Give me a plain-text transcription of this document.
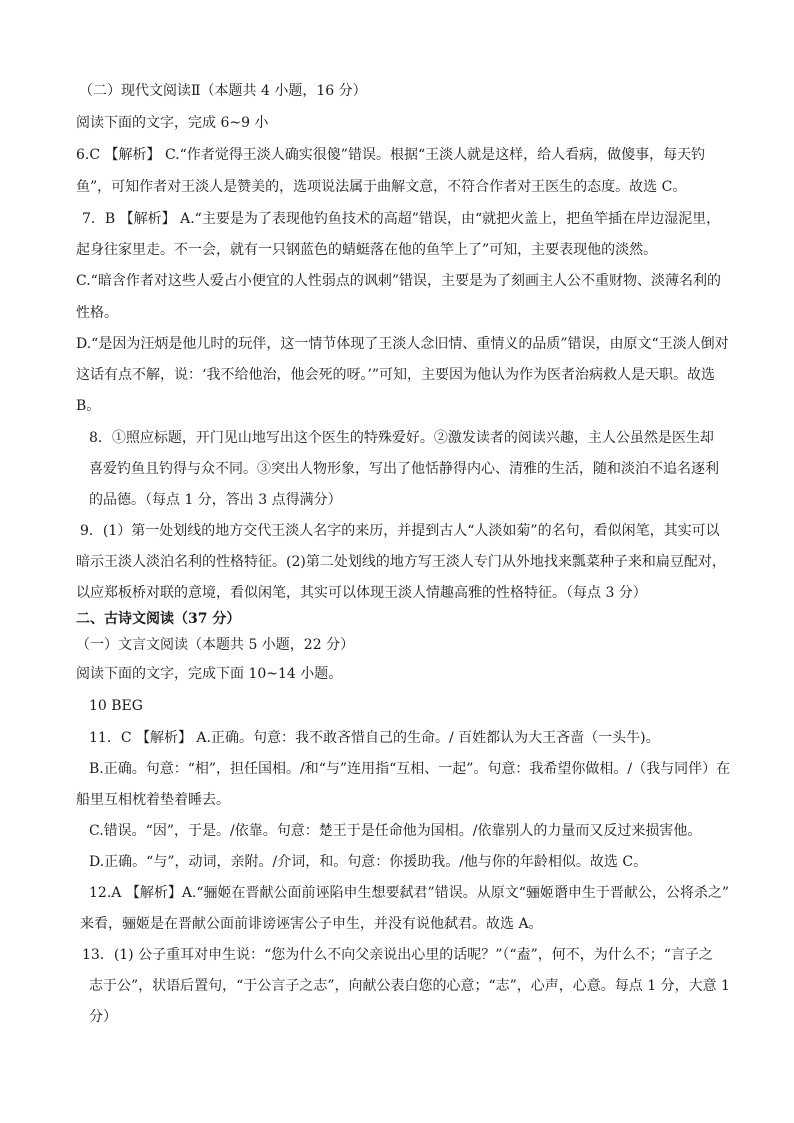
（二）现代文阅读Ⅱ（本题共 4 小题，16 分）
阅读下面的文字，完成 6~9 小
6.C 【解析】 C.“作者觉得王淡人确实很傻”错误。根据“王淡人就是这样，给人看病，做傻事，每天钓
鱼”，可知作者对王淡人是赞美的，选项说法属于曲解文意，不符合作者对王医生的态度。故选 C。
7．B 【解析】 A.“主要是为了表现他钓鱼技术的高超”错误，由“就把火盖上，把鱼竿插在岸边湿泥里，
起身往家里走。不一会，就有一只钢蓝色的蜻蜓落在他的鱼竿上了”可知，主要表现他的淡然。
C.“暗含作者对这些人爱占小便宜的人性弱点的讽刺”错误，主要是为了刻画主人公不重财物、淡薄名利的
性格。
D.“是因为汪炳是他儿时的玩伴，这一情节体现了王淡人念旧情、重情义的品质”错误，由原文“王淡人倒对
这话有点不解，说：‘我不给他治，他会死的呀。’”可知，主要因为他认为作为医者治病救人是天职。故选
B。
8．①照应标题，开门见山地写出这个医生的特殊爱好。②激发读者的阅读兴趣，主人公虽然是医生却
喜爱钓鱼且钓得与众不同。③突出人物形象，写出了他恬静得内心、清雅的生活，随和淡泊不追名逐利
的品德。（每点 1 分，答出 3 点得满分）
9．(1）第一处划线的地方交代王淡人名字的来历，并提到古人“人淡如菊”的名句，看似闲笔，其实可以
暗示王淡人淡泊名利的性格特征。(2)第二处划线的地方写王淡人专门从外地找来瓢菜种子来和扁豆配对，
以应郑板桥对联的意境，看似闲笔，其实可以体现王淡人情趣高雅的性格特征。（每点 3 分）
二、古诗文阅读（37 分）
（一）文言文阅读（本题共 5 小题，22 分）
阅读下面的文字，完成下面 10~14 小题。
10 BEG
11．C 【解析】 A.正确。句意：我不敢吝惜自己的生命。/ 百姓都认为大王吝啬（一头牛)。
B.正确。句意：“相”，担任国相。/和“与”连用指“互相、一起”。句意：我希望你做相。/（我与同伴）在
船里互相枕着垫着睡去。
C.错误。“因”，于是。/依靠。句意：楚王于是任命他为国相。/依靠别人的力量而又反过来损害他。
D.正确。“与”，动词，亲附。/介词，和。句意：你援助我。/他与你的年龄相似。故选 C。
12.A 【解析】A.“骊姬在晋献公面前诬陷申生想要弑君”错误。从原文“骊姬谮申生于晋献公，公将杀之”
来看，骊姬是在晋献公面前诽谤诬害公子申生，并没有说他弑君。故选 A。
13．(1) 公子重耳对申生说：“您为什么不向父亲说出心里的话呢？”（“盍”，何不，为什么不；“言子之
志于公”，状语后置句，“于公言子之志”，向献公表白您的心意；“志”，心声，心意。每点 1 分，大意 1
分）
